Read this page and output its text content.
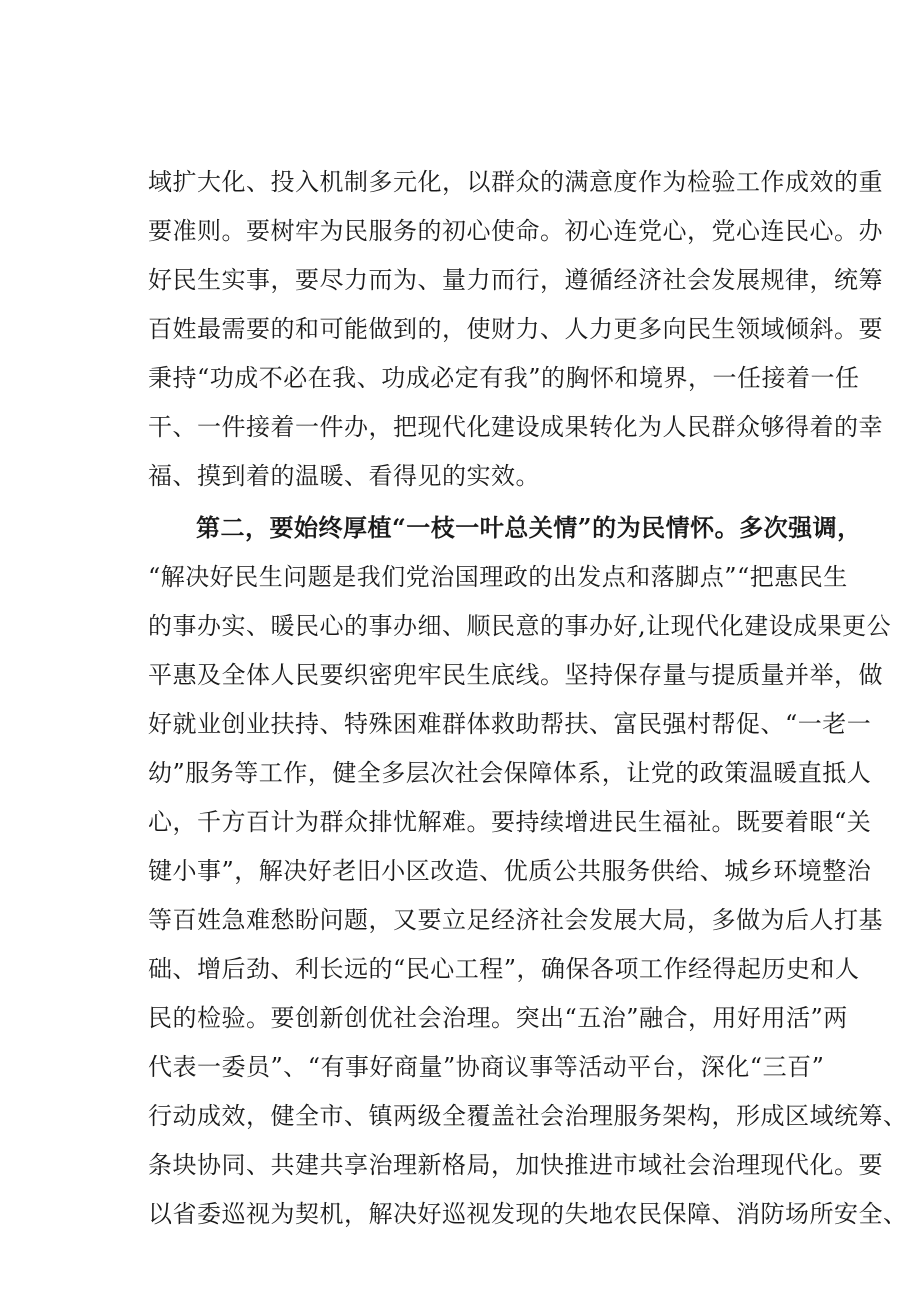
域扩大化、投入机制多元化，以群众的满意度作为检验工作成效的重
要准则。要树牢为民服务的初心使命。初心连党心，党心连民心。办
好民生实事，要尽力而为、量力而行，遵循经济社会发展规律，统筹
百姓最需要的和可能做到的，使财力、人力更多向民生领域倾斜。要
秉持“功成不必在我、功成必定有我”的胸怀和境界，一任接着一任
干、一件接着一件办，把现代化建设成果转化为人民群众够得着的幸
福、摸到着的温暖、看得见的实效。
第二，要始终厚植“一枝一叶总关情”的为民情怀。多次强调，
“解决好民生问题是我们党治国理政的出发点和落脚点”“把惠民生
的事办实、暖民心的事办细、顺民意的事办好,让现代化建设成果更公
平惠及全体人民要织密兜牢民生底线。坚持保存量与提质量并举，做
好就业创业扶持、特殊困难群体救助帮扶、富民强村帮促、“一老一
幼”服务等工作，健全多层次社会保障体系，让党的政策温暖直抵人
心，千方百计为群众排忧解难。要持续增进民生福祉。既要着眼“关
键小事”，解决好老旧小区改造、优质公共服务供给、城乡环境整治
等百姓急难愁盼问题，又要立足经济社会发展大局，多做为后人打基
础、增后劲、利长远的“民心工程”，确保各项工作经得起历史和人
民的检验。要创新创优社会治理。突出“五治”融合，用好用活”两
代表一委员”、“有事好商量”协商议事等活动平台，深化“三百”
行动成效，健全市、镇两级全覆盖社会治理服务架构，形成区域统筹、
条块协同、共建共享治理新格局，加快推进市域社会治理现代化。要
以省委巡视为契机，解决好巡视发现的失地农民保障、消防场所安全、
